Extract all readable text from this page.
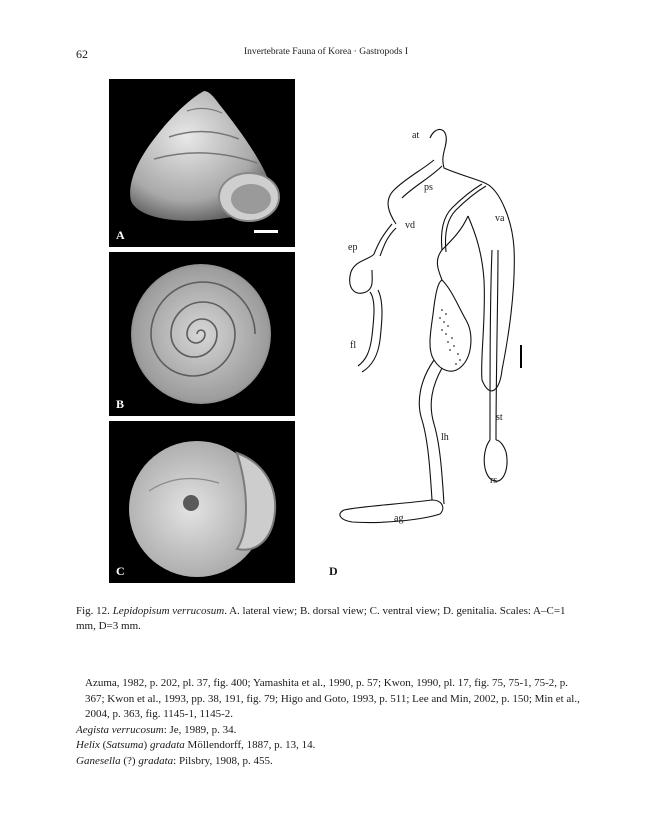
62	Invertebrate Fauna of Korea · Gastropods I
A
B
C
at
ps
va
vd
ep
fl
st
lh
rs
ag
D
Fig. 12. Lepidopisum verrucosum. A. lateral view; B. dorsal view; C. ventral view; D. genitalia. Scales: A–C=1 mm, D=3 mm.

Azuma, 1982, p. 202, pl. 37, fig. 400; Yamashita et al., 1990, p. 57; Kwon, 1990, pl. 17, fig. 75, 75-1, 75-2, p. 367; Kwon et al., 1993, pp. 38, 191, fig. 79; Higo and Goto, 1993, p. 511; Lee and Min, 2002, p. 150; Min et al., 2004, p. 363, fig. 1145-1, 1145-2.

Aegista verrucosum: Je, 1989, p. 34.

Helix (Satsuma) gradata Möllendorff, 1887, p. 13, 14.

Ganesella (?) gradata: Pilsbry, 1908, p. 455.
